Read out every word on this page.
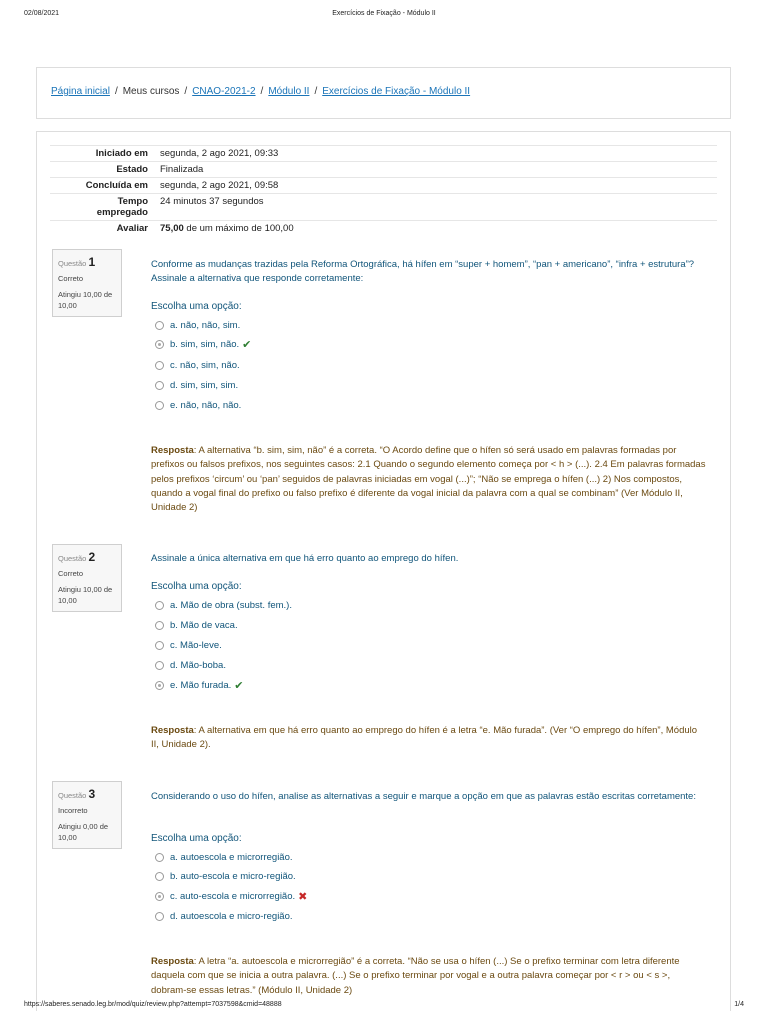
02/08/2021	Exercícios de Fixação - Módulo II
Página inicial / Meus cursos / CNAO-2021-2 / Módulo II / Exercícios de Fixação - Módulo II
Iniciado em	segunda, 2 ago 2021, 09:33
Estado	Finalizada
Concluída em	segunda, 2 ago 2021, 09:58
Tempo
empregado	24 minutos 37 segundos
Avaliar	75,00 de um máximo de 100,00
Questão 1
Correto
Atingiu 10,00 de 10,00
Conforme as mudanças trazidas pela Reforma Ortográfica, há hífen em “super + homem”, “pan + americano”, “infra + estrutura”? Assinale a alternativa que responde corretamente:
Escolha uma opção:
a. não, não, sim.
b. sim, sim, não. ✔
c. não, sim, não.
d. sim, sim, sim.
e. não, não, não.
Resposta: A alternativa “b. sim, sim, não” é a correta. “O Acordo define que o hífen só será usado em palavras formadas por prefixos ou falsos prefixos, nos seguintes casos: 2.1 Quando o segundo elemento começa por < h > (...). 2.4 Em palavras formadas pelos prefixos ‘circum’ ou ‘pan’ seguidos de palavras iniciadas em vogal (...)”; “Não se emprega o hífen (...) 2) Nos compostos, quando a vogal final do prefixo ou falso prefixo é diferente da vogal inicial da palavra com a qual se combinam” (Ver Módulo II, Unidade 2)
Questão 2
Correto
Atingiu 10,00 de 10,00
Assinale a única alternativa em que há erro quanto ao emprego do hífen.
Escolha uma opção:
a. Mão de obra (subst. fem.).
b. Mão de vaca.
c. Mão-leve.
d. Mão-boba.
e. Mão furada. ✔
Resposta: A alternativa em que há erro quanto ao emprego do hífen é a letra “e. Mão furada”. (Ver “O emprego do hífen”, Módulo II, Unidade 2).
Questão 3
Incorreto
Atingiu 0,00 de 10,00
Considerando o uso do hífen, analise as alternativas a seguir e marque a opção em que as palavras estão escritas corretamente:
Escolha uma opção:
a. autoescola e microrregião.
b. auto-escola e micro-região.
c. auto-escola e microrregião. ✖
d. autoescola e micro-região.
Resposta: A letra “a. autoescola e microrregião” é a correta. “Não se usa o hífen (...) Se o prefixo terminar com letra diferente daquela com que se inicia a outra palavra. (...) Se o prefixo terminar por vogal e a outra palavra começar por < r > ou < s >, dobram-se essas letras.” (Módulo II, Unidade 2)
https://saberes.senado.leg.br/mod/quiz/review.php?attempt=7037598&cmid=48888	1/4
